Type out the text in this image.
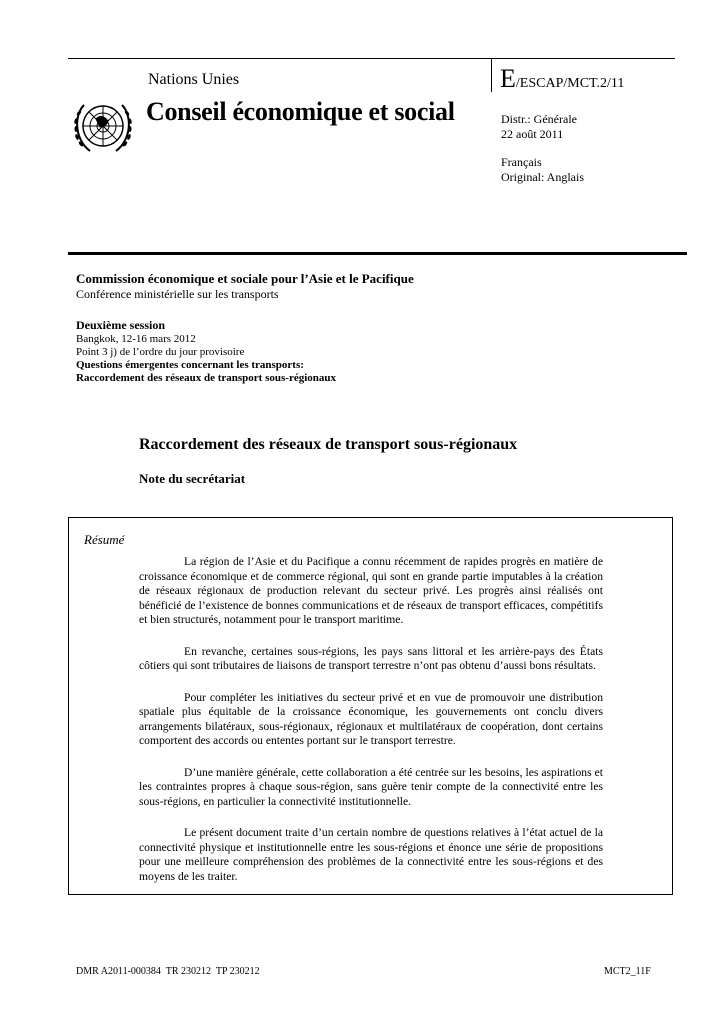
Nations Unies
Conseil économique et social
E/ESCAP/MCT.2/11
Distr.: Générale
22 août 2011
Français
Original: Anglais
Commission économique et sociale pour l’Asie et le Pacifique
Conférence ministérielle sur les transports
Deuxième session
Bangkok, 12-16 mars 2012
Point 3 j) de l’ordre du jour provisoire
Questions émergentes concernant les transports:
Raccordement des réseaux de transport sous-régionaux
Raccordement des réseaux de transport sous-régionaux
Note du secrétariat
Résumé

La région de l’Asie et du Pacifique a connu récemment de rapides progrès en matière de croissance économique et de commerce régional, qui sont en grande partie imputables à la création de réseaux régionaux de production relevant du secteur privé. Les progrès ainsi réalisés ont bénéficié de l’existence de bonnes communications et de réseaux de transport efficaces, compétitifs et bien structurés, notamment pour le transport maritime.

En revanche, certaines sous-régions, les pays sans littoral et les arrière-pays des États côtiers qui sont tributaires de liaisons de transport terrestre n’ont pas obtenu d’aussi bons résultats.

Pour compléter les initiatives du secteur privé et en vue de promouvoir une distribution spatiale plus équitable de la croissance économique, les gouvernements ont conclu divers arrangements bilatéraux, sous-régionaux, régionaux et multilatéraux de coopération, dont certains comportent des accords ou ententes portant sur le transport terrestre.

D’une manière générale, cette collaboration a été centrée sur les besoins, les aspirations et les contraintes propres à chaque sous-région, sans guère tenir compte de la connectivité entre les sous-régions, en particulier la connectivité institutionnelle.

Le présent document traite d’un certain nombre de questions relatives à l’état actuel de la connectivité physique et institutionnelle entre les sous-régions et énonce une série de propositions pour une meilleure compréhension des problèmes de la connectivité entre les sous-régions et des moyens de les traiter.

DMR A2011-000384  TR 230212  TP 230212	MCT2_11F
